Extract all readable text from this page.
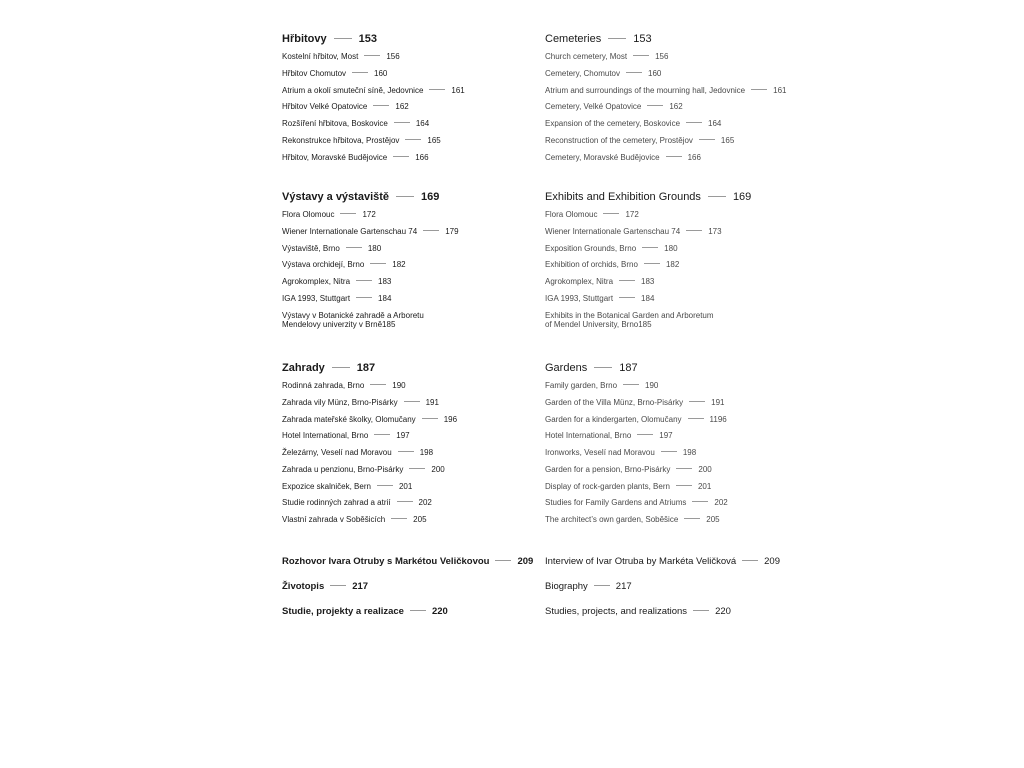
Hřbitovy	153
Kostelní hřbitov, Most	156
Hřbitov Chomutov	160
Atrium a okolí smuteční síně, Jedovnice	161
Hřbitov Velké Opatovice	162
Rozšíření hřbitova, Boskovice	164
Rekonstrukce hřbitova, Prostějov	165
Hřbitov, Moravské Budějovice	166
Výstavy a výstaviště	169
Flora Olomouc	172
Wiener Internationale Gartenschau 74	179
Výstaviště, Brno	180
Výstava orchidejí, Brno	182
Agrokomplex, Nitra	183
IGA 1993, Stuttgart	184
Výstavy v Botanické zahradě a Arboretu
Mendelovy univerzity v Brně 185
Zahrady	187
Rodinná zahrada, Brno	190
Zahrada vily Münz, Brno-Pisárky	191
Zahrada mateřské školky, Olomučany	196
Hotel International, Brno	197
Železárny, Veselí nad Moravou	198
Zahrada u penzionu, Brno-Pisárky	200
Expozice skalniček, Bern	201
Studie rodinných zahrad a atrií	202
Vlastní zahrada v Soběšicích	205
Rozhovor Ivara Otruby s Markétou Veličkovou	209
Životopis	217
Studie, projekty a realizace	220
Cemeteries	153
Church cemetery, Most	156
Cemetery, Chomutov	160
Atrium and surroundings of the mourning hall, Jedovnice	161
Cemetery, Velké Opatovice	162
Expansion of the cemetery, Boskovice	164
Reconstruction of the cemetery, Prostějov	165
Cemetery, Moravské Budějovice	166
Exhibits and Exhibition Grounds	169
Flora Olomouc	172
Wiener Internationale Gartenschau 74	173
Exposition Grounds, Brno	180
Exhibition of orchids, Brno	182
Agrokomplex, Nitra	183
IGA 1993, Stuttgart	184
Exhibits in the Botanical Garden and Arboretum
of Mendel University, Brno 185
Gardens	187
Family garden, Brno	190
Garden of the Villa Münz, Brno-Pisárky	191
Garden for a kindergarten, Olomučany	1196
Hotel International, Brno	197
Ironworks, Veselí nad Moravou	198
Garden for a pension, Brno-Pisárky	200
Display of rock-garden plants, Bern	201
Studies for Family Gardens and Atriums	202
The architect’s own garden, Soběšice	205
Interview of Ivar Otruba by Markéta Veličková	209
Biography	217
Studies, projects, and realizations	220
